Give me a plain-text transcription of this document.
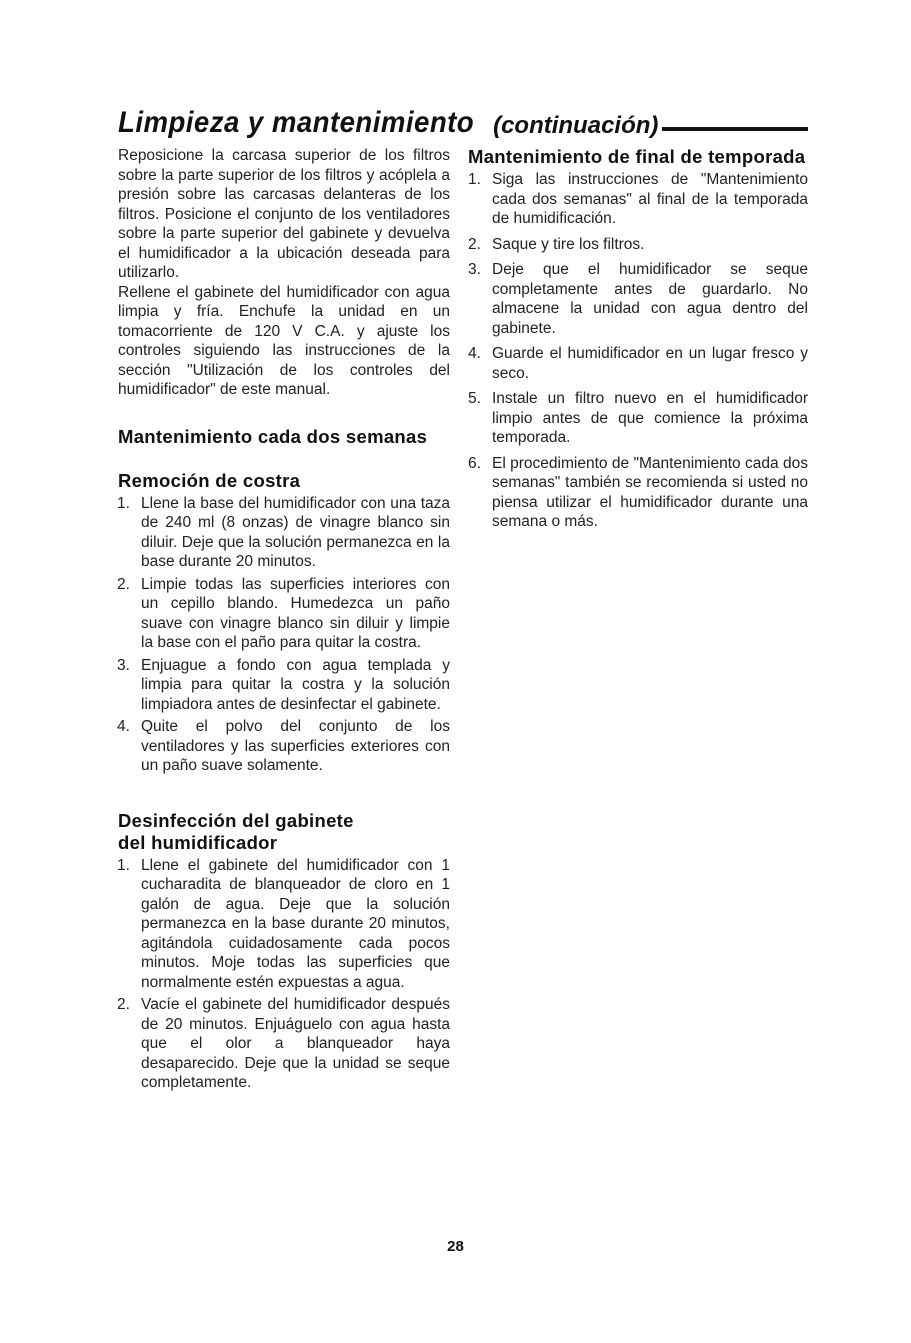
Limpieza y mantenimiento (continuación)

Reposicione la carcasa superior de los filtros sobre la parte superior de los filtros y acóplela a presión sobre las carcasas delanteras de los filtros. Posicione el conjunto de los ventiladores sobre la parte superior del gabinete y devuelva el humidificador a la ubicación deseada para utilizarlo.

Rellene el gabinete del humidificador con agua limpia y fría. Enchufe la unidad en un tomacorriente de 120 V C.A. y ajuste los controles siguiendo las instrucciones de la sección "Utilización de los controles del humidificador" de este manual.

Mantenimiento cada dos semanas
Remoción de costra
1. Llene la base del humidificador con una taza de 240 ml (8 onzas) de vinagre blanco sin diluir. Deje que la solución permanezca en la base durante 20 minutos.
2. Limpie todas las superficies interiores con un cepillo blando. Humedezca un paño suave con vinagre blanco sin diluir y limpie la base con el paño para quitar la costra.
3. Enjuague a fondo con agua templada y limpia para quitar la costra y la solución limpiadora antes de desinfectar el gabinete.
4. Quite el polvo del conjunto de los ventiladores y las superficies exteriores con un paño suave solamente.
Desinfección del gabinete
del humidificador
1. Llene el gabinete del humidificador con 1 cucharadita de blanqueador de cloro en 1 galón de agua. Deje que la solución permanezca en la base durante 20 minutos, agitándola cuidadosamente cada pocos minutos. Moje todas las superficies que normalmente estén expuestas a agua.
2. Vacíe el gabinete del humidificador después de 20 minutos. Enjuáguelo con agua hasta que el olor a blanqueador haya desaparecido. Deje que la unidad se seque completamente.
Mantenimiento de final de temporada
1. Siga las instrucciones de "Mantenimiento cada dos semanas" al final de la temporada de humidificación.
2. Saque y tire los filtros.
3. Deje que el humidificador se seque completamente antes de guardarlo. No almacene la unidad con agua dentro del gabinete.
4. Guarde el humidificador en un lugar fresco y seco.
5. Instale un filtro nuevo en el humidificador limpio antes de que comience la próxima temporada.
6. El procedimiento de "Mantenimiento cada dos semanas" también se recomienda si usted no piensa utilizar el humidificador durante una semana o más.
28
